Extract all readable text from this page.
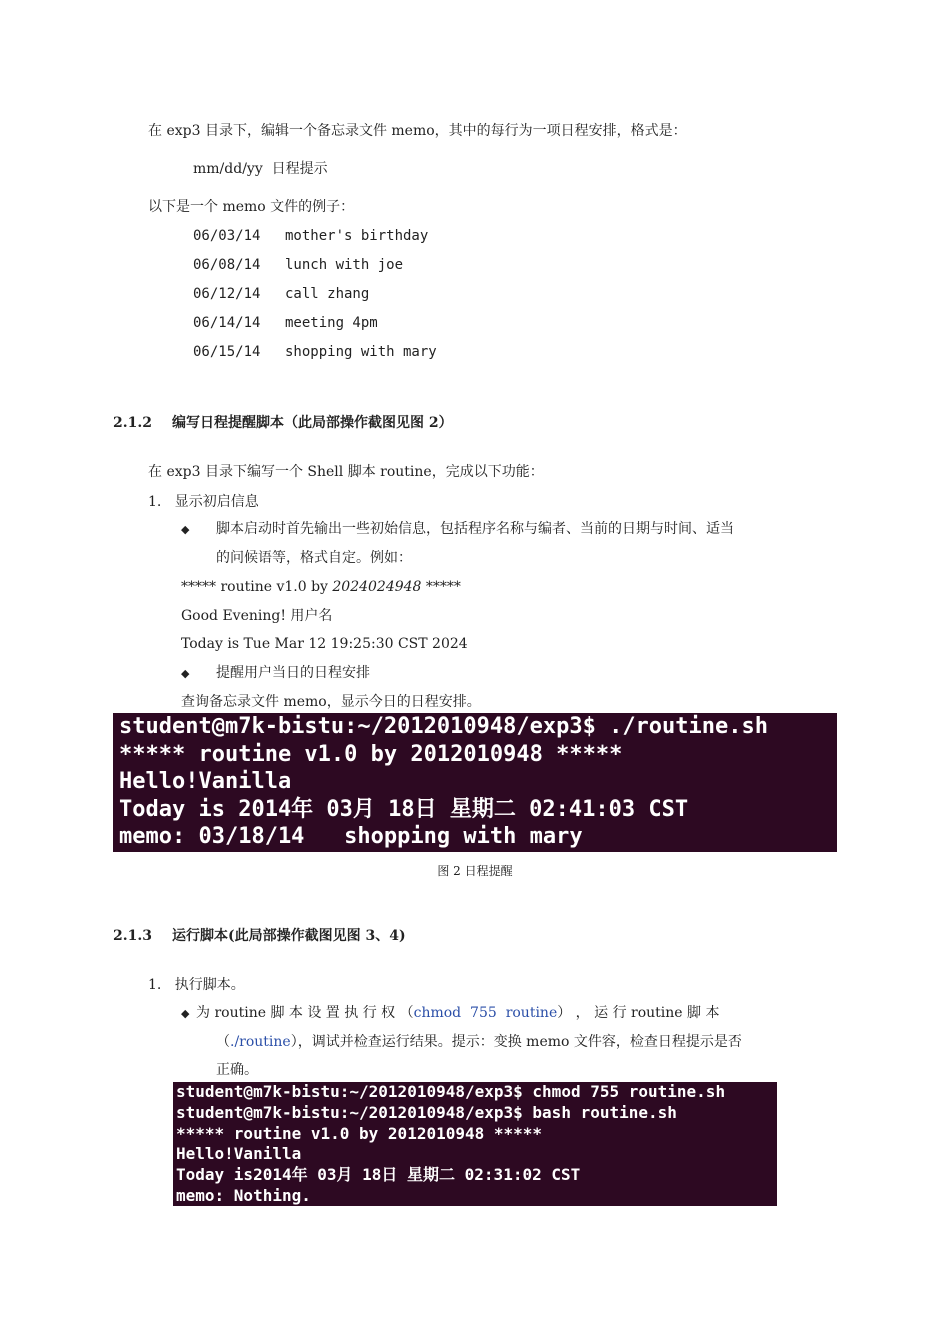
在 exp3 目录下，编辑一个备忘录文件 memo，其中的每行为一项日程安排，格式是：
mm/dd/yy  日程提示
以下是一个 memo 文件的例子：
06/03/14 mother's birthday
06/08/14 lunch with joe
06/12/14 call zhang
06/14/14 meeting 4pm
06/15/14 shopping with mary
2.1.2 编写日程提醒脚本（此局部操作截图见图 2）
在 exp3 目录下编写一个 Shell 脚本 routine，完成以下功能：
1.   显示初启信息
◆ 脚本启动时首先输出一些初始信息，包括程序名称与编者、当前的日期与时间、适当
的问候语等，格式自定。例如：
***** routine v1.0 by 2024024948 *****
Good Evening! 用户名
Today is Tue Mar 12 19:25:30 CST 2024
◆ 提醒用户当日的日程安排
查询备忘录文件 memo，显示今日的日程安排。
student@m7k-bistu:~/2012010948/exp3$ ./routine.sh
***** routine v1.0 by 2012010948 *****
Hello!Vanilla
Today is 2014年 03月 18日 星期二 02:41:03 CST
memo: 03/18/14   shopping with mary
图 2 日程提醒
2.1.3 运行脚本(此局部操作截图见图 3、4)
1.   执行脚本。
◆ 为 routine 脚 本 设 置 执 行 权 （chmod 755 routine） ， 运 行 routine 脚 本
（./routine），调试并检查运行结果。提示：变换 memo 文件容，检查日程提示是否
正确。
student@m7k-bistu:~/2012010948/exp3$ chmod 755 routine.sh
student@m7k-bistu:~/2012010948/exp3$ bash routine.sh
***** routine v1.0 by 2012010948 *****
Hello!Vanilla
Today is2014年 03月 18日 星期二 02:31:02 CST
memo: Nothing.
